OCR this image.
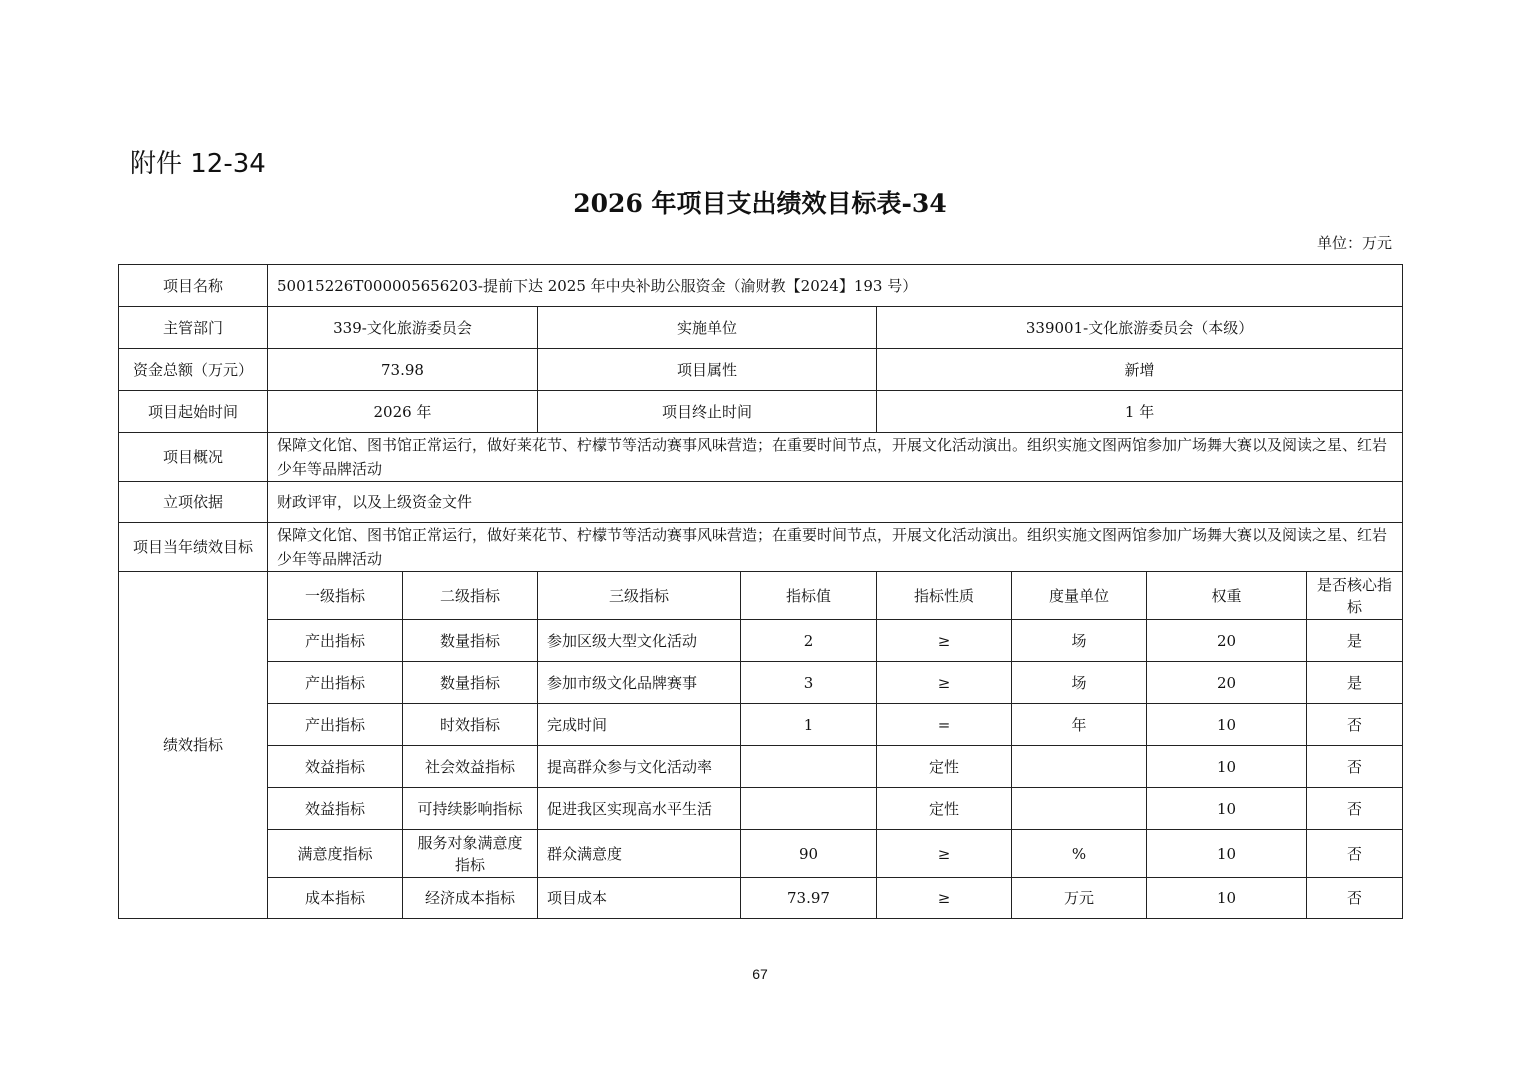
附件 12-34
2026 年项目支出绩效目标表-34
单位：万元
项目名称	50015226T000005656203-提前下达 2025 年中央补助公服资金（渝财教【2024】193 号）							
主管部门	339-文化旅游委员会		实施单位		339001-文化旅游委员会（本级）			
资金总额（万元）	73.98		项目属性		新增			
项目起始时间	2026 年		项目终止时间		1 年			
项目概况	保障文化馆、图书馆正常运行，做好莱花节、柠檬节等活动赛事风味营造；在重要时间节点，开展文化活动演出。组织实施文图两馆参加广场舞大赛以及阅读之星、红岩少年等品牌活动							
立项依据	财政评审，以及上级资金文件							
项目当年绩效目标	保障文化馆、图书馆正常运行，做好莱花节、柠檬节等活动赛事风味营造；在重要时间节点，开展文化活动演出。组织实施文图两馆参加广场舞大赛以及阅读之星、红岩少年等品牌活动							
绩效指标	一级指标	二级指标	三级指标	指标值	指标性质	度量单位	权重	是否核心指标
	产出指标	数量指标	参加区级大型文化活动	2	≥	场	20	是
	产出指标	数量指标	参加市级文化品牌赛事	3	≥	场	20	是
	产出指标	时效指标	完成时间	1	=	年	10	否
	效益指标	社会效益指标	提高群众参与文化活动率		定性		10	否
	效益指标	可持续影响指标	促进我区实现高水平生活		定性		10	否
	满意度指标	服务对象满意度指标	群众满意度	90	≥	%	10	否
	成本指标	经济成本指标	项目成本	73.97	≥	万元	10	否
67
